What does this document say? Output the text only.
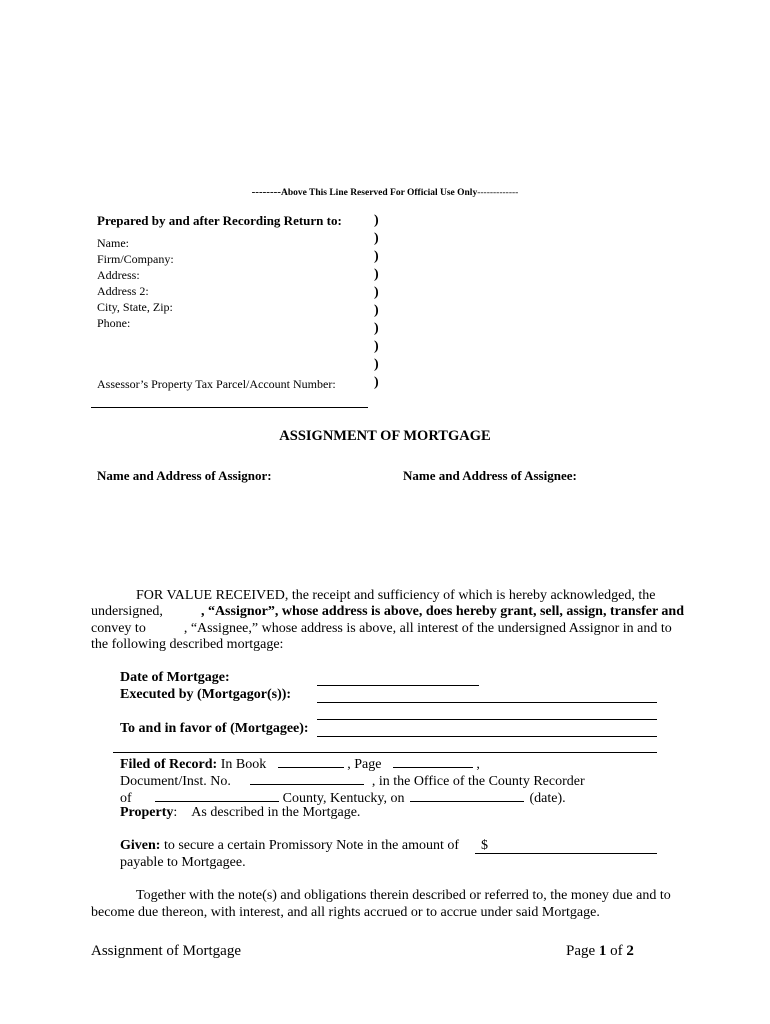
--------Above This Line Reserved For Official Use Only-------------
Prepared by and after Recording Return to:
Name:
Firm/Company:
Address:
Address 2:
City, State, Zip:
Phone:
Assessor’s Property Tax Parcel/Account Number:
)
)
)
)
)
)
)
)
)
)
ASSIGNMENT OF MORTGAGE
Name and Address of Assignor:	Name and Address of Assignee:
FOR VALUE RECEIVED, the receipt and sufficiency of which is hereby acknowledged, the
undersigned,	, “Assignor”, whose address is above, does hereby grant, sell, assign, transfer and
convey to	, “Assignee,” whose address is above, all interest of the undersigned Assignor in and to
the following described mortgage:
Date of Mortgage:
Executed by (Mortgagor(s)):
To and in favor of (Mortgagee):
Filed of Record: In Book	, Page	,
Document/Inst. No.	, in the Office of the County Recorder
of	County, Kentucky, on	(date).
Property: As described in the Mortgage.
Given: to secure a certain Promissory Note in the amount of $
payable to Mortgagee.
Together with the note(s) and obligations therein described or referred to, the money due and to
become due thereon, with interest, and all rights accrued or to accrue under said Mortgage.
Assignment of Mortgage	Page 1 of 2
